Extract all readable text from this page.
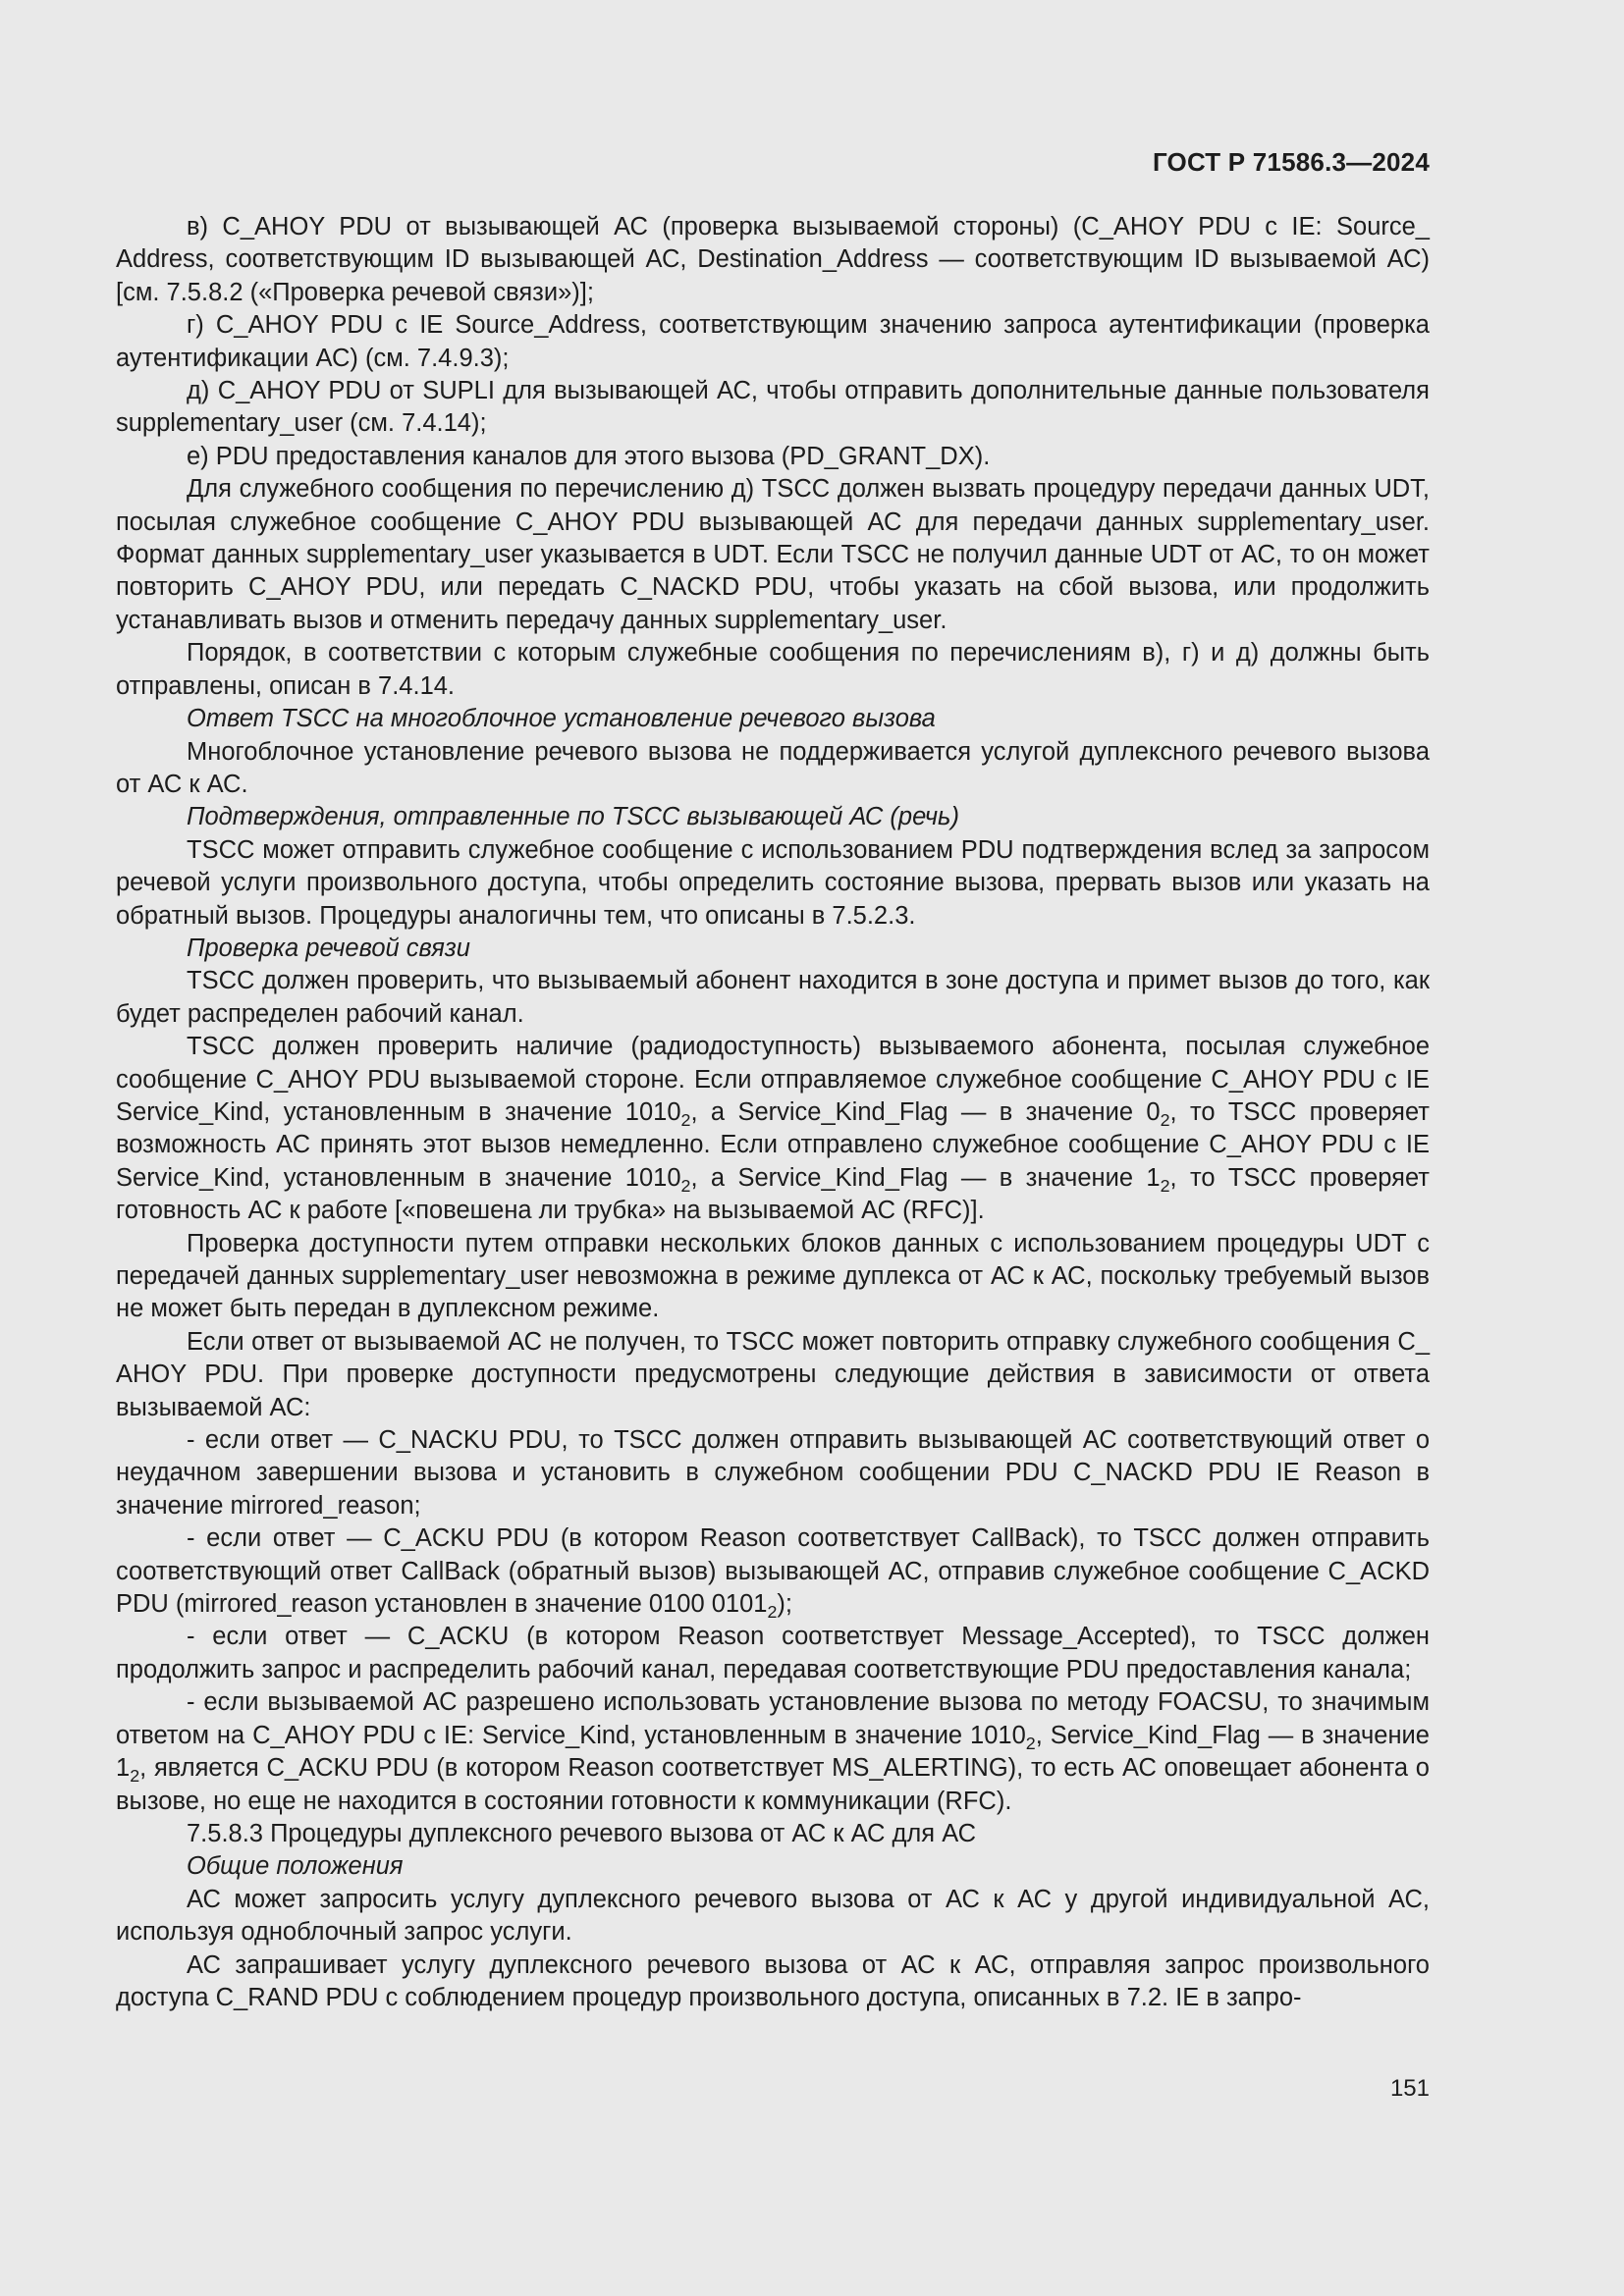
ГОСТ Р 71586.3—2024

в) C_AHOY PDU от вызывающей АС (проверка вызываемой стороны) (C_AHOY PDU с IE: Source_Address, соответствующим ID вызывающей АС, Destination_Address — соответствующим ID вызываемой АС) [см. 7.5.8.2 («Проверка речевой связи»)];

г) C_AHOY PDU с IE Source_Address, соответствующим значению запроса аутентификации (проверка аутентификации АС) (см. 7.4.9.3);

д) C_AHOY PDU от SUPLI для вызывающей АС, чтобы отправить дополнительные данные пользователя supplementary_user (см. 7.4.14);

е) PDU предоставления каналов для этого вызова (PD_GRANT_DX).

Для служебного сообщения по перечислению д) TSCC должен вызвать процедуру передачи данных UDT, посылая служебное сообщение C_AHOY PDU вызывающей АС для передачи данных supplementary_user. Формат данных supplementary_user указывается в UDT. Если TSCC не получил данные UDT от АС, то он может повторить C_AHOY PDU, или передать C_NACKD PDU, чтобы указать на сбой вызова, или продолжить устанавливать вызов и отменить передачу данных supplementary_user.

Порядок, в соответствии с которым служебные сообщения по перечислениям в), г) и д) должны быть отправлены, описан в 7.4.14.

Ответ TSCC на многоблочное установление речевого вызова

Многоблочное установление речевого вызова не поддерживается услугой дуплексного речевого вызова от АС к АС.

Подтверждения, отправленные по TSCC вызывающей АС (речь)

TSCC может отправить служебное сообщение с использованием PDU подтверждения вслед за запросом речевой услуги произвольного доступа, чтобы определить состояние вызова, прервать вызов или указать на обратный вызов. Процедуры аналогичны тем, что описаны в 7.5.2.3.

Проверка речевой связи

TSCC должен проверить, что вызываемый абонент находится в зоне доступа и примет вызов до того, как будет распределен рабочий канал.

TSCC должен проверить наличие (радиодоступность) вызываемого абонента, посылая служебное сообщение C_AHOY PDU вызываемой стороне. Если отправляемое служебное сообщение C_AHOY PDU с IE Service_Kind, установленным в значение $1010_2$, а Service_Kind_Flag — в значение $0_2$, то TSCC проверяет возможность АС принять этот вызов немедленно. Если отправлено служебное сообщение C_AHOY PDU с IE Service_Kind, установленным в значение $1010_2$, а Service_Kind_Flag — в значение $1_2$, то TSCC проверяет готовность АС к работе [«повешена ли трубка» на вызываемой АС (RFC)].

Проверка доступности путем отправки нескольких блоков данных с использованием процедуры UDT с передачей данных supplementary_user невозможна в режиме дуплекса от АС к АС, поскольку требуемый вызов не может быть передан в дуплексном режиме.

Если ответ от вызываемой АС не получен, то TSCC может повторить отправку служебного сообщения C_AHOY PDU. При проверке доступности предусмотрены следующие действия в зависимости от ответа вызываемой АС:

- если ответ — C_NACKU PDU, то TSCC должен отправить вызывающей АС соответствующий ответ о неудачном завершении вызова и установить в служебном сообщении PDU C_NACKD PDU IE Reason в значение mirrored_reason;

- если ответ — C_ACKU PDU (в котором Reason соответствует CallBack), то TSCC должен отправить соответствующий ответ CallBack (обратный вызов) вызывающей АС, отправив служебное сообщение C_ACKD PDU (mirrored_reason установлен в значение 0100 $0101_2$);

- если ответ — C_ACKU (в котором Reason соответствует Message_Accepted), то TSCC должен продолжить запрос и распределить рабочий канал, передавая соответствующие PDU предоставления канала;

- если вызываемой АС разрешено использовать установление вызова по методу FOACSU, то значимым ответом на C_AHOY PDU с IE: Service_Kind, установленным в значение $1010_2$, Service_Kind_Flag — в значение $1_2$, является C_ACKU PDU (в котором Reason соответствует MS_ALERTING), то есть АС оповещает абонента о вызове, но еще не находится в состоянии готовности к коммуникации (RFC).

7.5.8.3 Процедуры дуплексного речевого вызова от АС к АС для АС

Общие положения

АС может запросить услугу дуплексного речевого вызова от АС к АС у другой индивидуальной АС, используя одноблочный запрос услуги.

АС запрашивает услугу дуплексного речевого вызова от АС к АС, отправляя запрос произвольного доступа C_RAND PDU с соблюдением процедур произвольного доступа, описанных в 7.2. IE в запро-

151
